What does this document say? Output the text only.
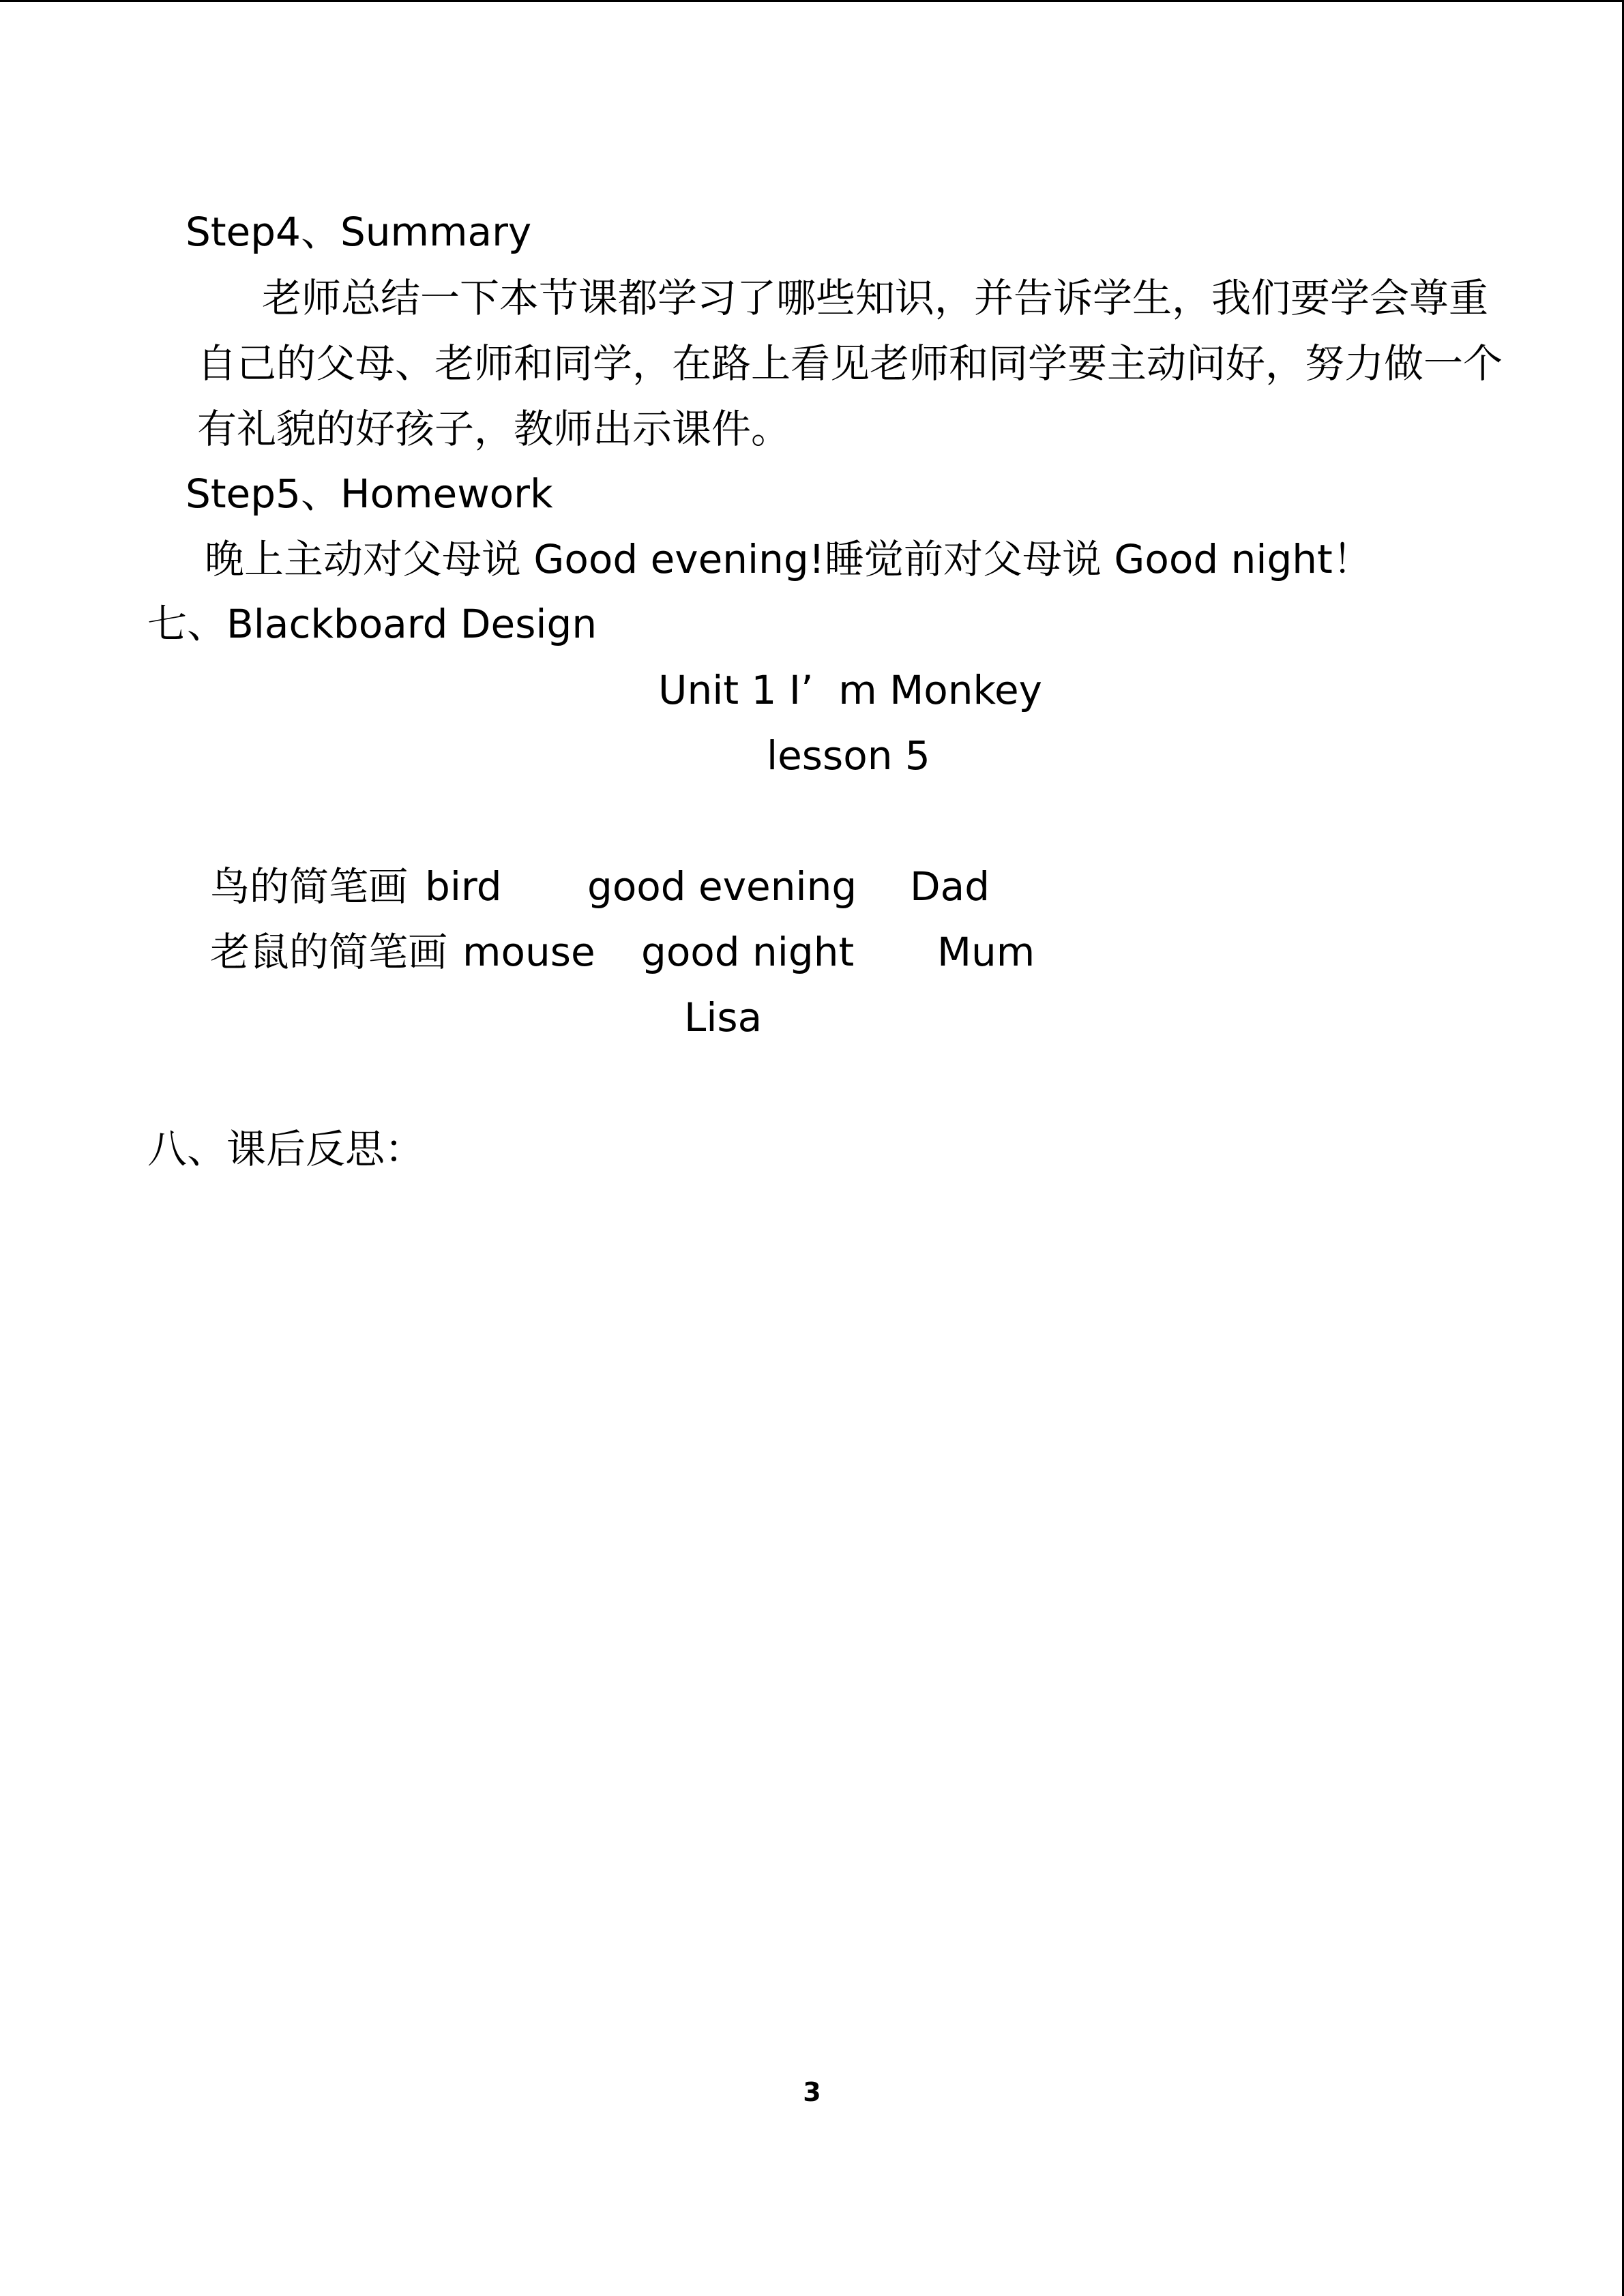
Step4、Summary
老师总结一下本节课都学习了哪些知识，并告诉学生，我们要学会尊重
自己的父母、老师和同学，在路上看见老师和同学要主动问好，努力做一个
有礼貌的好孩子，教师出示课件。
Step5、Homework
晚上主动对父母说 Good evening!睡觉前对父母说 Good night！
七、Blackboard Design
Unit 1 I’  m Monkey
lesson 5
鸟的简笔画 bird good evening Dad
老鼠的简笔画 mouse good night Mum
Lisa
八、课后反思：
3
